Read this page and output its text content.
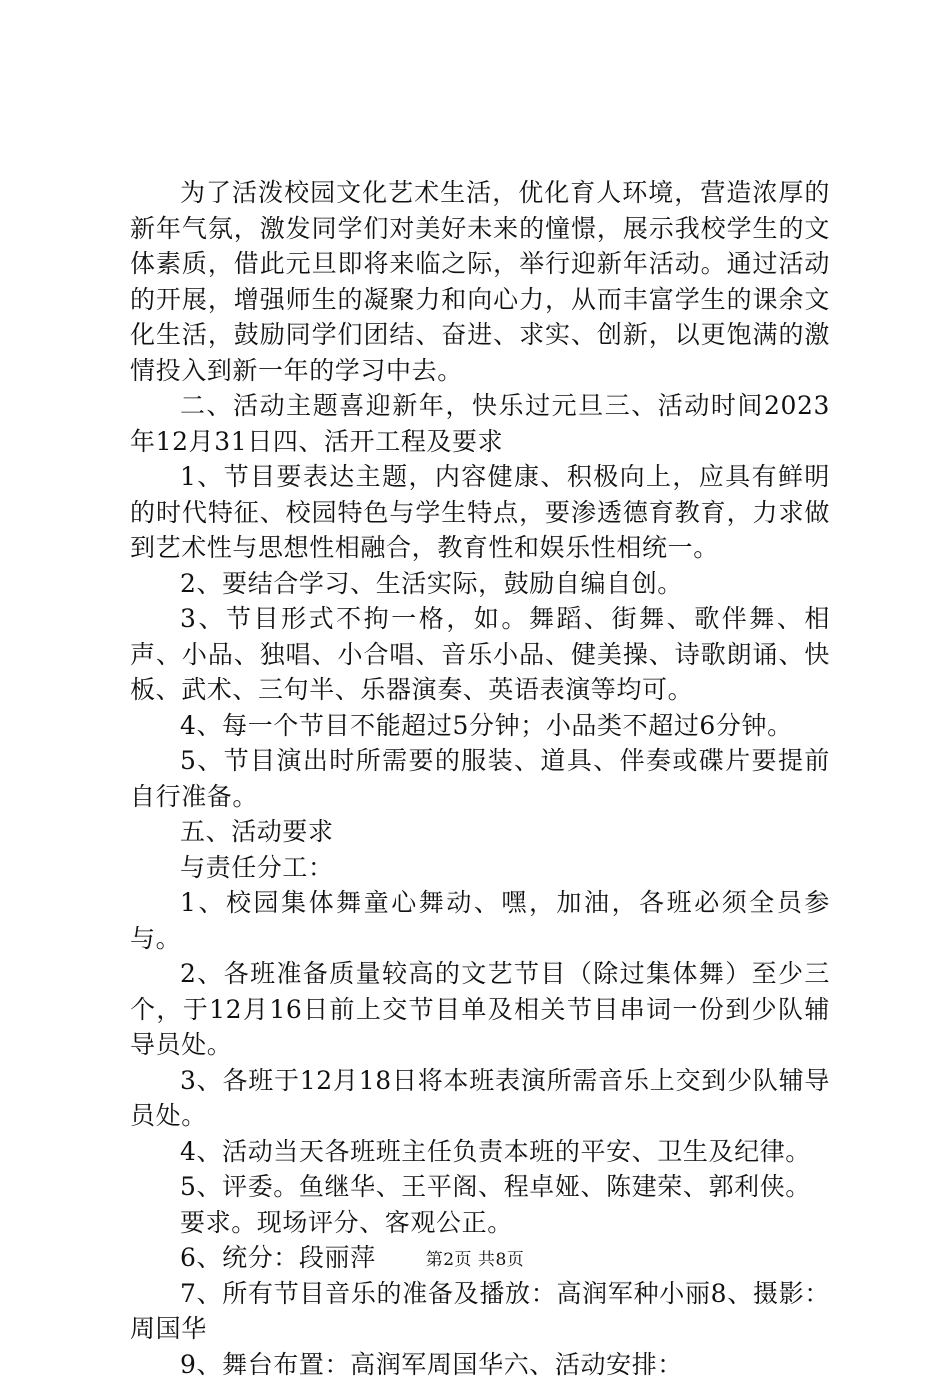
为了活泼校园文化艺术生活，优化育人环境，营造浓厚的新年气氛，激发同学们对美好未来的憧憬，展示我校学生的文体素质，借此元旦即将来临之际，举行迎新年活动。通过活动的开展，增强师生的凝聚力和向心力，从而丰富学生的课余文化生活，鼓励同学们团结、奋进、求实、创新，以更饱满的激情投入到新一年的学习中去。

二、活动主题喜迎新年，快乐过元旦三、活动时间2023年12月31日四、活开工程及要求

1、节目要表达主题，内容健康、积极向上，应具有鲜明的时代特征、校园特色与学生特点，要渗透德育教育，力求做到艺术性与思想性相融合，教育性和娱乐性相统一。

2、要结合学习、生活实际，鼓励自编自创。

3、节目形式不拘一格，如。舞蹈、街舞、歌伴舞、相声、小品、独唱、小合唱、音乐小品、健美操、诗歌朗诵、快板、武术、三句半、乐器演奏、英语表演等均可。

4、每一个节目不能超过5分钟；小品类不超过6分钟。

5、节目演出时所需要的服装、道具、伴奏或碟片要提前自行准备。

五、活动要求

与责任分工：

1、校园集体舞童心舞动、嘿，加油，各班必须全员参与。

2、各班准备质量较高的文艺节目（除过集体舞）至少三个，于12月16日前上交节目单及相关节目串词一份到少队辅导员处。

3、各班于12月18日将本班表演所需音乐上交到少队辅导员处。

4、活动当天各班班主任负责本班的平安、卫生及纪律。

5、评委。鱼继华、王平阁、程卓娅、陈建荣、郭利侠。

要求。现场评分、客观公正。

6、统分：段丽萍

7、所有节目音乐的准备及播放：高润军种小丽8、摄影：周国华

9、舞台布置：高润军周国华六、活动安排：

第2页 共8页
